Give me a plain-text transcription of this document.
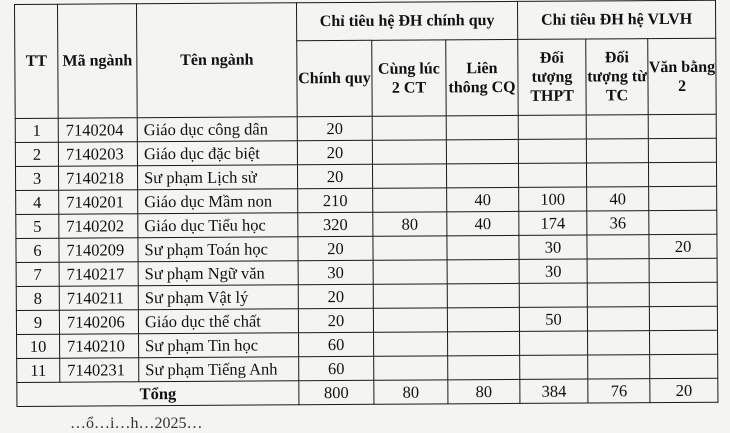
TT	Mã ngành	Tên ngành	Chỉ tiêu hệ ĐH chính quy			Chỉ tiêu ĐH hệ VLVH		
			Chính quy	Cùng lúc 2 CT	Liên thông CQ	Đối tượng THPT	Đối tượng từ TC	Văn bằng 2
1	7140204	Giáo dục công dân	20					
2	7140203	Giáo dục đặc biệt	20					
3	7140218	Sư phạm Lịch sử	20					
4	7140201	Giáo dục Mầm non	210		40	100	40	
5	7140202	Giáo dục Tiểu học	320	80	40	174	36	
6	7140209	Sư phạm Toán học	20			30		20
7	7140217	Sư phạm Ngữ văn	30			30		
8	7140211	Sư phạm Vật lý	20					
9	7140206	Giáo dục thể chất	20			50		
10	7140210	Sư phạm Tin học	60					
11	7140231	Sư phạm Tiếng Anh	60					
Tổng			800	80	80	384	76	20
…ổ…i…h…2025…
